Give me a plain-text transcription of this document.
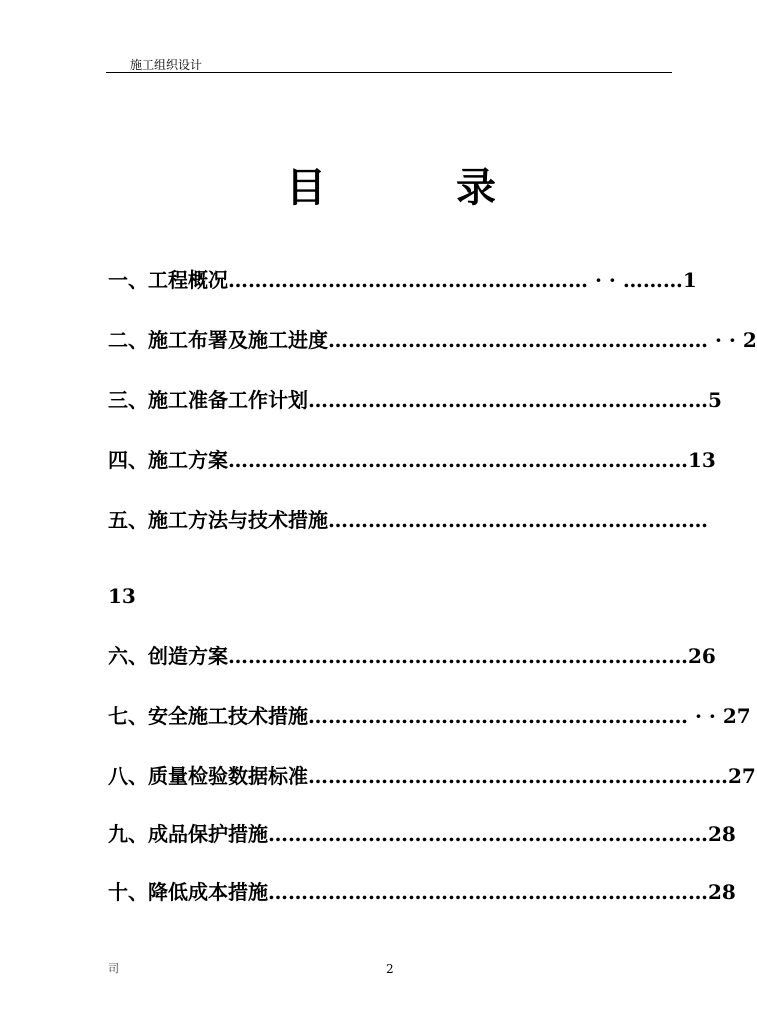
施工组织设计
目	录
一、工程概况 ……………………………………………… · · ………1
二、施工布署及施工进度 ………………………………………………… · · 2
三、施工准备工作计划 ……………………………………………………5
四、施工方案 ……………………………………………………………13
五、施工方法与技术措施 …………………………………………………
13
六、创造方案 ……………………………………………………………26
七、安全施工技术措施 ………………………………………………… · · 27
八、质量检验数据标准 ………………………………………………………27
九、成品保护措施 …………………………………………………………28
十、降低成本措施 …………………………………………………………28
司	2
